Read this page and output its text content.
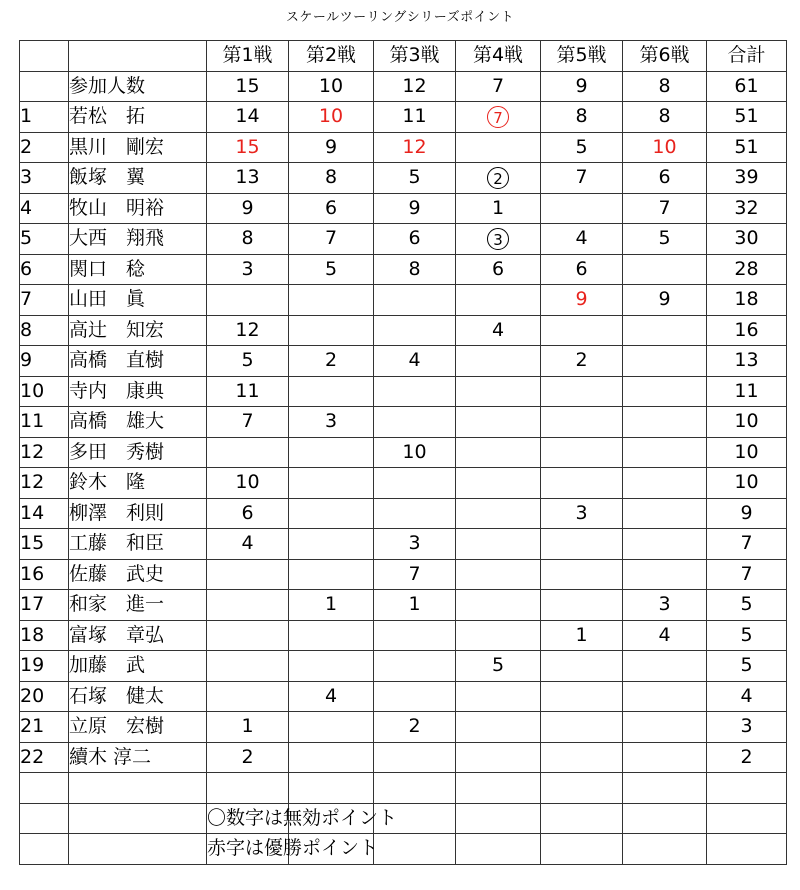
スケールツーリングシリーズポイント
		第1戦	第2戦	第3戦	第4戦	第5戦	第6戦	合計
	参加人数	15	10	12	7	9	8	61
1	若松　拓	14	10	11	7	8	8	51
2	黒川　剛宏	15	9	12		5	10	51
3	飯塚　翼	13	8	5	2	7	6	39
4	牧山　明裕	9	6	9	1		7	32
5	大西　翔飛	8	7	6	3	4	5	30
6	関口　稔	3	5	8	6	6		28
7	山田　眞					9	9	18
8	高辻　知宏	12			4			16
9	高橋　直樹	5	2	4		2		13
10	寺内　康典	11						11
11	高橋　雄大	7	3					10
12	多田　秀樹			10				10
12	鈴木　隆	10						10
14	柳澤　利則	6				3		9
15	工藤　和臣	4		3				7
16	佐藤　武史			7				7
17	和家　進一		1	1			3	5
18	富塚　章弘					1	4	5
19	加藤　武				5			5
20	石塚　健太		4					4
21	立原　宏樹	1		2				3
22	續木 淳二	2						2

		〇数字は無効ポイント						
		赤字は優勝ポイント						
